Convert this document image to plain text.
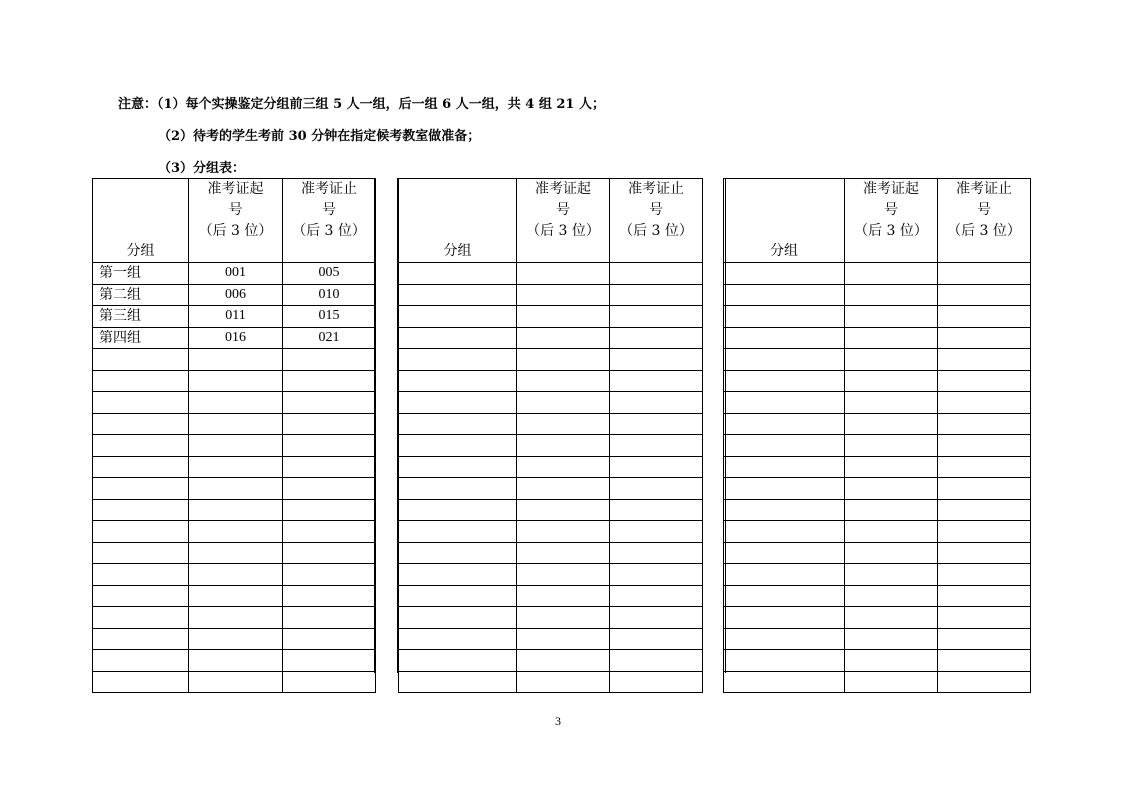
注意：（1）每个实操鉴定分组前三组 5 人一组，后一组 6 人一组，共 4 组 21 人；
（2）待考的学生考前 30 分钟在指定候考教室做准备；
（3）分组表：
分组	准考证起
号
（后 3 位）	准考证止
号
（后 3 位）

第一组	001	005
第二组	006	010
第三组	011	015
第四组	016	021

分组	准考证起
号
（后 3 位）	准考证止
号
（后 3 位）

分组	准考证起
号
（后 3 位）	准考证止
号
（后 3 位）

3
